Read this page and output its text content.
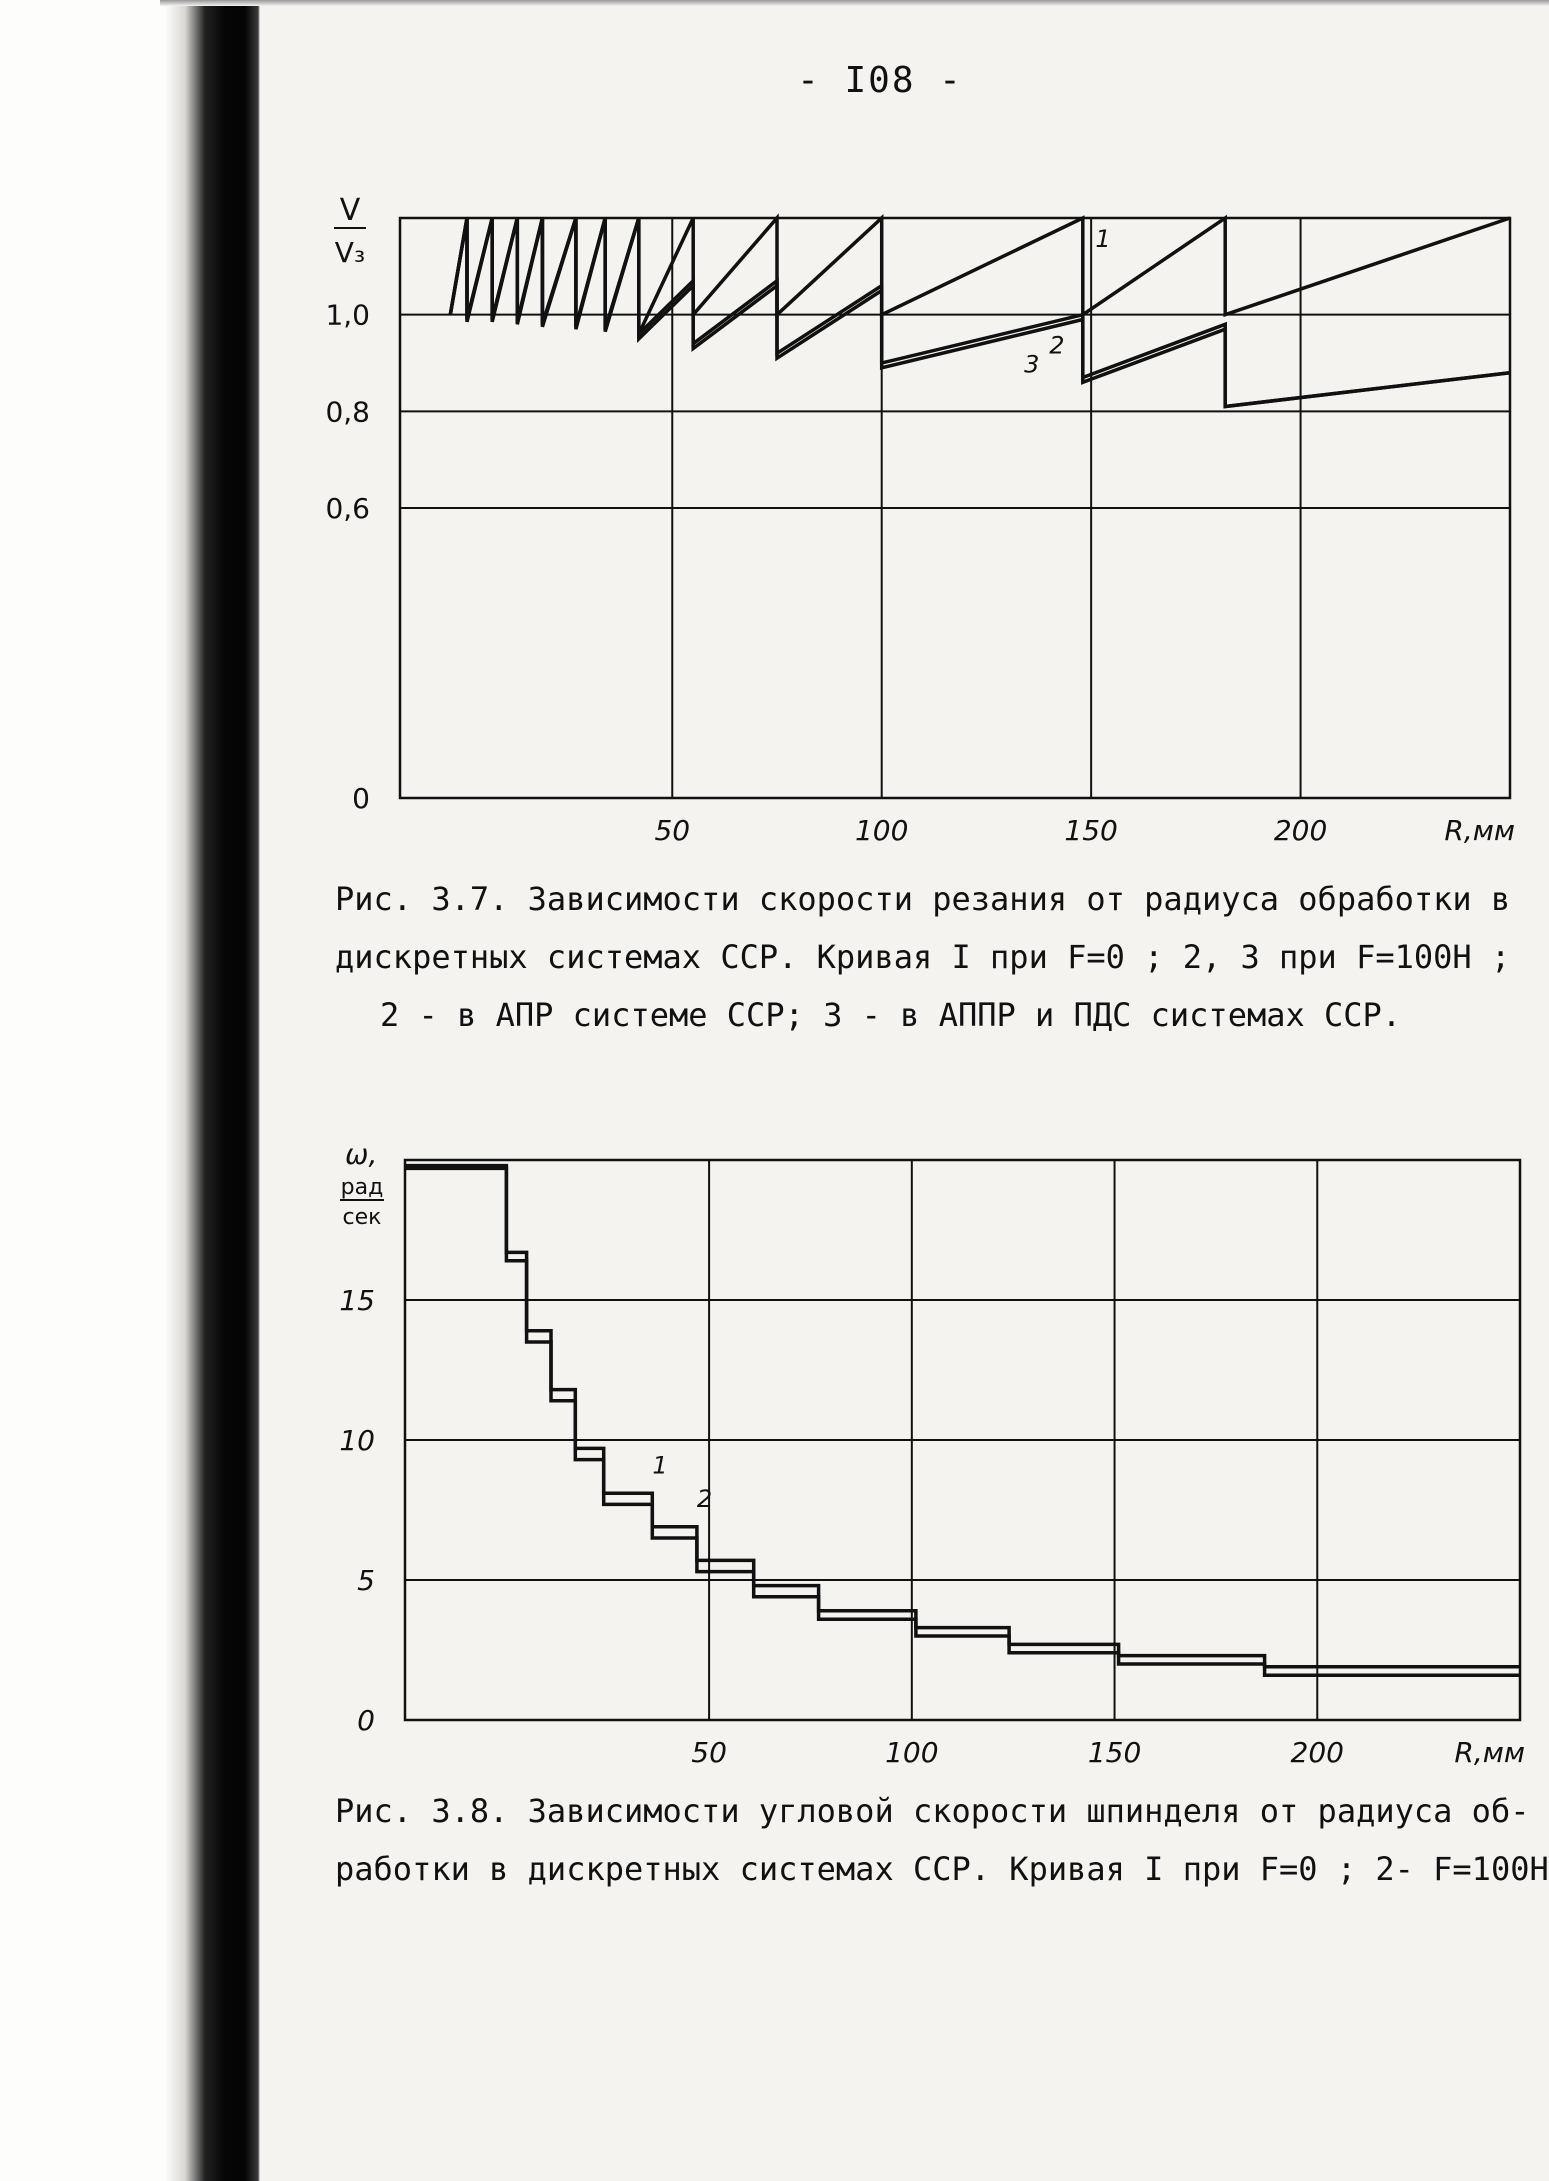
- I08 -
50	100	150	200
0
0,6
0,8
1,0
R,мм
1
2
3
V
V₃
Рис. 3.7. Зависимости скорости резания от радиуса обработки в
дискретных системах ССР. Кривая I при F=0 ; 2, 3 при F=100Н ;
2 - в АПР системе ССР; 3 - в АППР и ПДС системах ССР.
50	100	150	200
0
5
10
15
R,мм
1
2
ω,
рад
сек
Рис. 3.8. Зависимости угловой скорости шпинделя от радиуса об-
работки в дискретных системах ССР. Кривая I при F=0 ; 2- F=100Н
